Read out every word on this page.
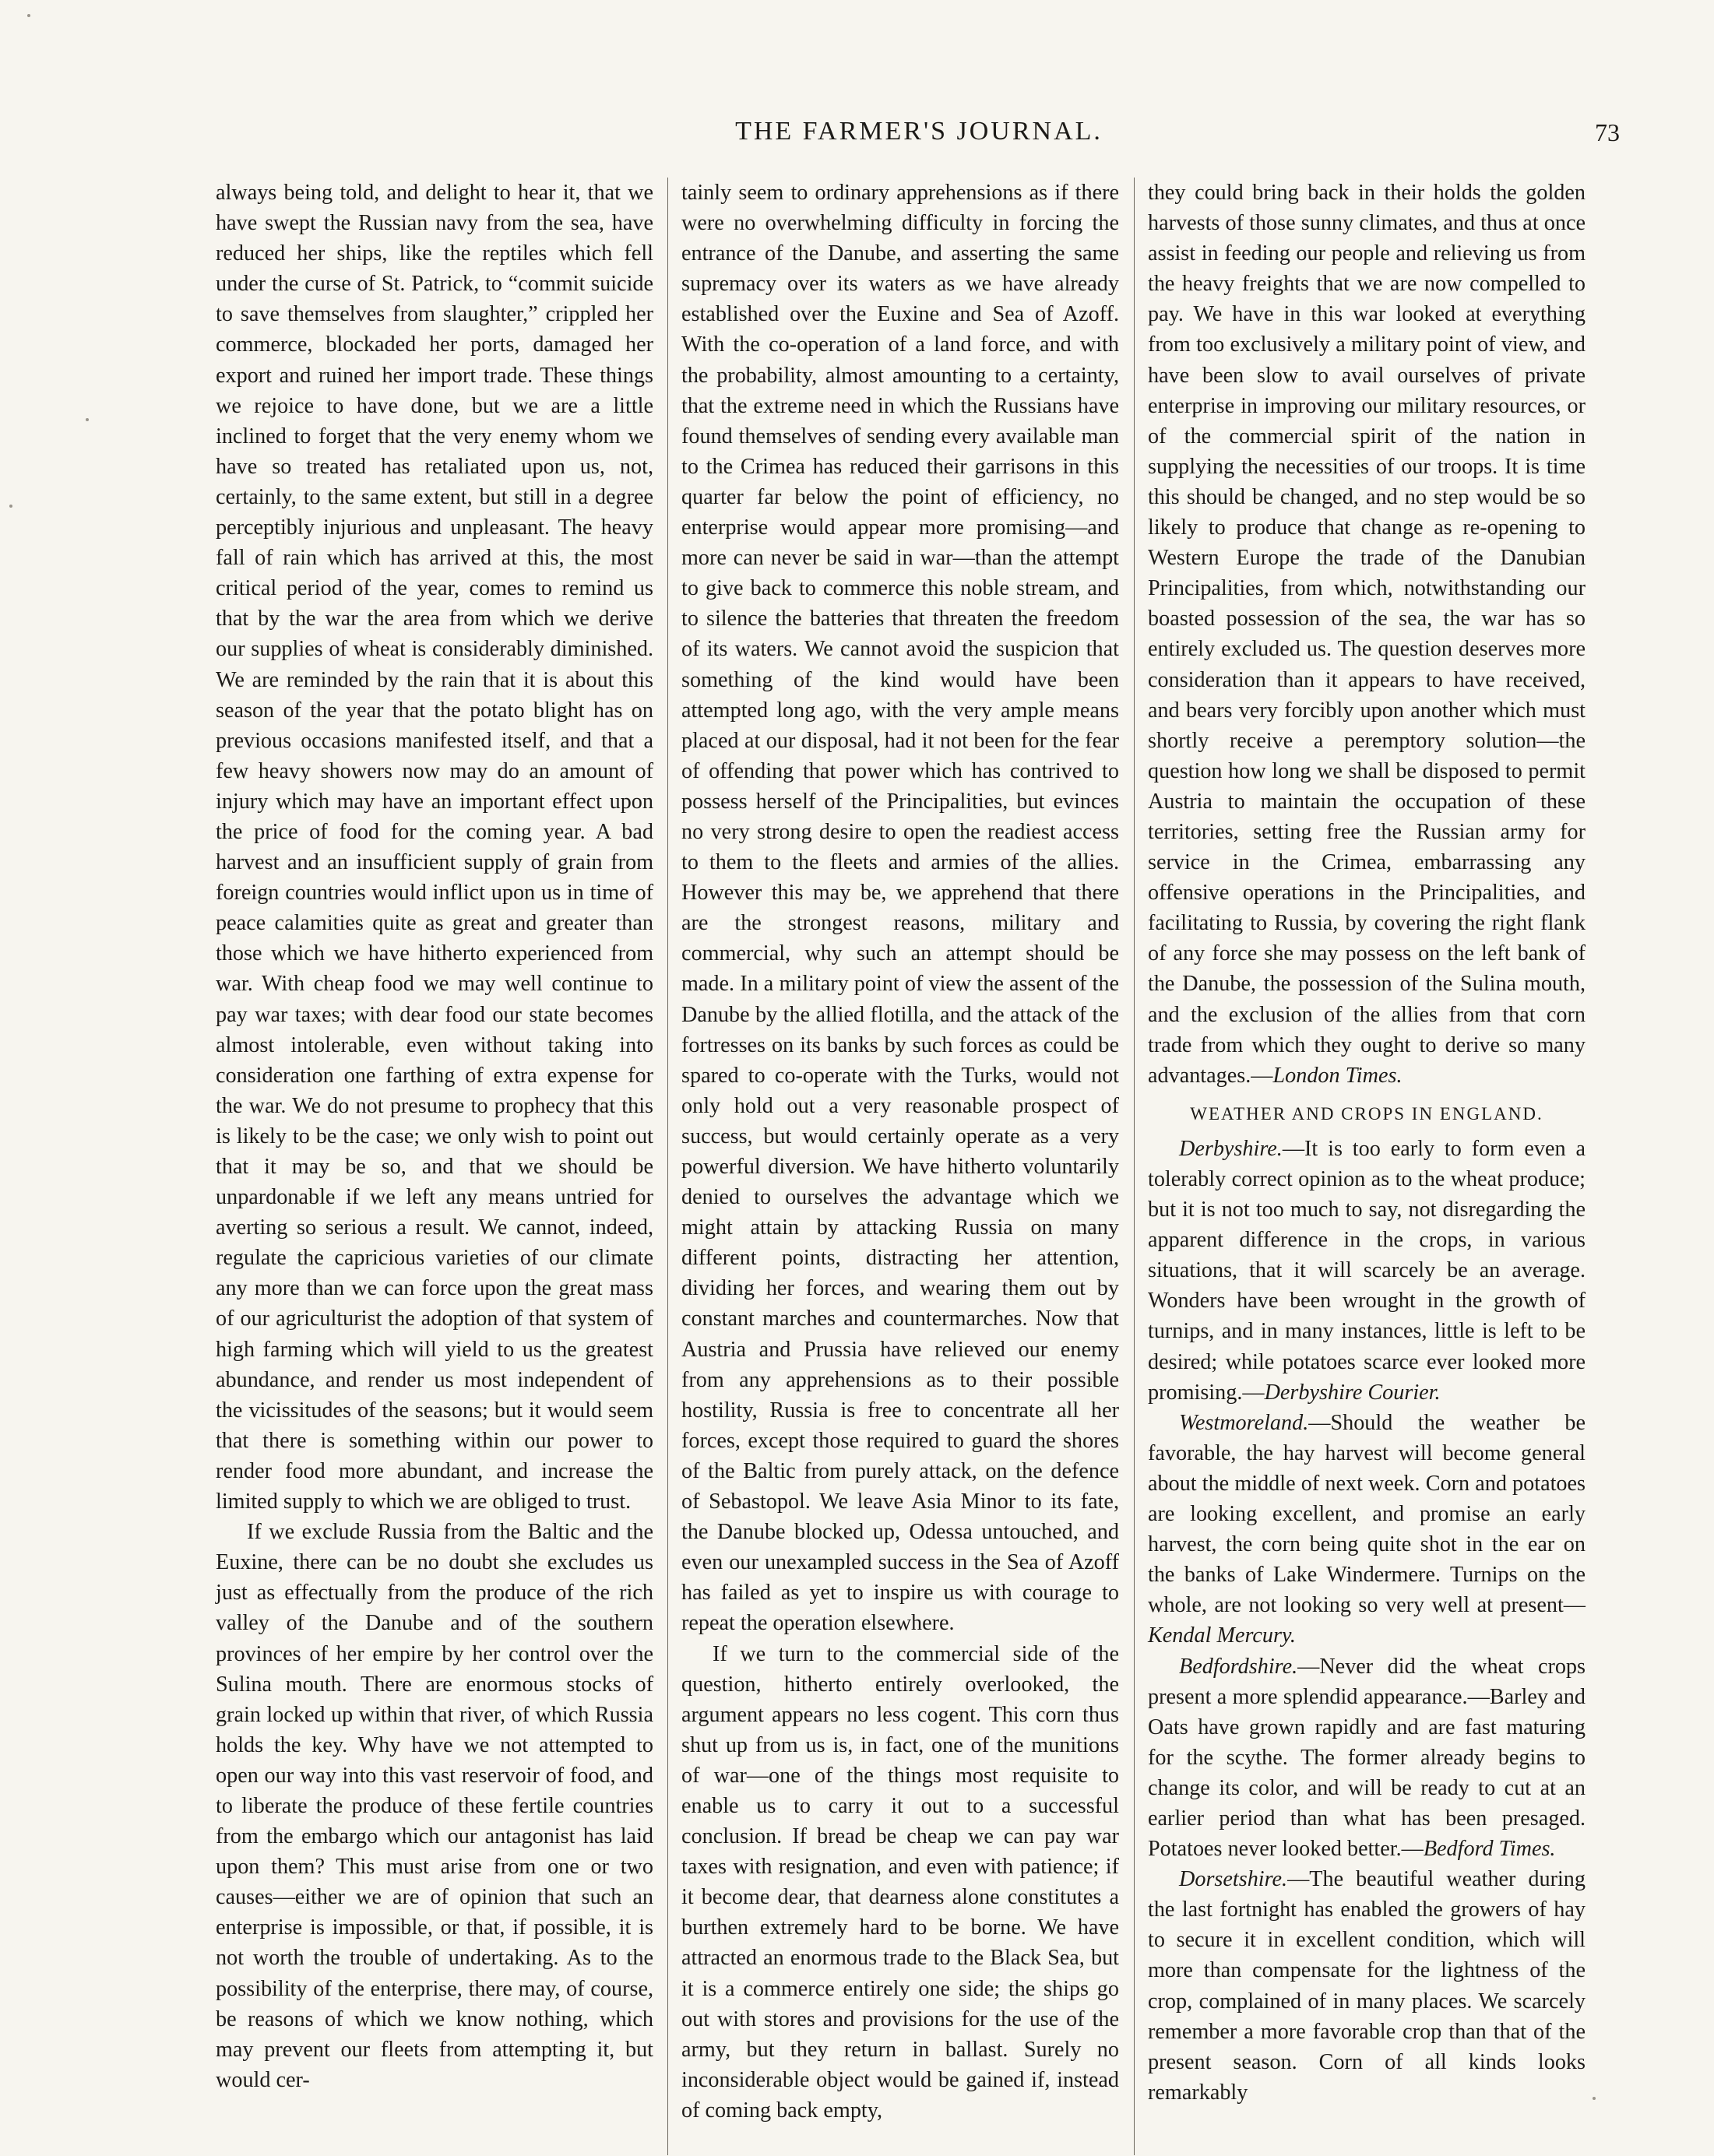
THE FARMER'S JOURNAL.	73

always being told, and delight to hear it, that we have swept the Russian navy from the sea, have reduced her ships, like the reptiles which fell under the curse of St. Patrick, to “commit suicide to save themselves from slaughter,” crippled her commerce, blockaded her ports, damaged her export and ruined her import trade. These things we rejoice to have done, but we are a little inclined to forget that the very enemy whom we have so treated has retaliated upon us, not, certainly, to the same extent, but still in a degree perceptibly injurious and unpleasant. The heavy fall of rain which has arrived at this, the most critical period of the year, comes to remind us that by the war the area from which we derive our supplies of wheat is considerably diminished. We are reminded by the rain that it is about this season of the year that the potato blight has on previous occasions manifested itself, and that a few heavy showers now may do an amount of injury which may have an important effect upon the price of food for the coming year. A bad harvest and an insufficient supply of grain from foreign countries would inflict upon us in time of peace calamities quite as great and greater than those which we have hitherto experienced from war. With cheap food we may well continue to pay war taxes; with dear food our state becomes almost intolerable, even without taking into consideration one farthing of extra expense for the war. We do not presume to prophecy that this is likely to be the case; we only wish to point out that it may be so, and that we should be unpardonable if we left any means untried for averting so serious a result. We cannot, indeed, regulate the capricious varieties of our climate any more than we can force upon the great mass of our agriculturist the adoption of that system of high farming which will yield to us the greatest abundance, and render us most independent of the vicissitudes of the seasons; but it would seem that there is something within our power to render food more abundant, and increase the limited supply to which we are obliged to trust.

If we exclude Russia from the Baltic and the Euxine, there can be no doubt she excludes us just as effectually from the produce of the rich valley of the Danube and of the southern provinces of her empire by her control over the Sulina mouth. There are enormous stocks of grain locked up within that river, of which Russia holds the key. Why have we not attempted to open our way into this vast reservoir of food, and to liberate the produce of these fertile countries from the embargo which our antagonist has laid upon them? This must arise from one or two causes—either we are of opinion that such an enterprise is impossible, or that, if possible, it is not worth the trouble of undertaking. As to the possibility of the enterprise, there may, of course, be reasons of which we know nothing, which may prevent our fleets from attempting it, but would cer-

tainly seem to ordinary apprehensions as if there were no overwhelming difficulty in forcing the entrance of the Danube, and asserting the same supremacy over its waters as we have already established over the Euxine and Sea of Azoff. With the co-operation of a land force, and with the probability, almost amounting to a certainty, that the extreme need in which the Russians have found themselves of sending every available man to the Crimea has reduced their garrisons in this quarter far below the point of efficiency, no enterprise would appear more promising—and more can never be said in war—than the attempt to give back to commerce this noble stream, and to silence the batteries that threaten the freedom of its waters. We cannot avoid the suspicion that something of the kind would have been attempted long ago, with the very ample means placed at our disposal, had it not been for the fear of offending that power which has contrived to possess herself of the Principalities, but evinces no very strong desire to open the readiest access to them to the fleets and armies of the allies. However this may be, we apprehend that there are the strongest reasons, military and commercial, why such an attempt should be made. In a military point of view the assent of the Danube by the allied flotilla, and the attack of the fortresses on its banks by such forces as could be spared to co-operate with the Turks, would not only hold out a very reasonable prospect of success, but would certainly operate as a very powerful diversion. We have hitherto voluntarily denied to ourselves the advantage which we might attain by attacking Russia on many different points, distracting her attention, dividing her forces, and wearing them out by constant marches and countermarches. Now that Austria and Prussia have relieved our enemy from any apprehensions as to their possible hostility, Russia is free to concentrate all her forces, except those required to guard the shores of the Baltic from purely attack, on the defence of Sebastopol. We leave Asia Minor to its fate, the Danube blocked up, Odessa untouched, and even our unexampled success in the Sea of Azoff has failed as yet to inspire us with courage to repeat the operation elsewhere.

If we turn to the commercial side of the question, hitherto entirely overlooked, the argument appears no less cogent. This corn thus shut up from us is, in fact, one of the munitions of war—one of the things most requisite to enable us to carry it out to a successful conclusion. If bread be cheap we can pay war taxes with resignation, and even with patience; if it become dear, that dearness alone constitutes a burthen extremely hard to be borne. We have attracted an enormous trade to the Black Sea, but it is a commerce entirely one side; the ships go out with stores and provisions for the use of the army, but they return in ballast. Surely no inconsiderable object would be gained if, instead of coming back empty,

they could bring back in their holds the golden harvests of those sunny climates, and thus at once assist in feeding our people and relieving us from the heavy freights that we are now compelled to pay. We have in this war looked at everything from too exclusively a military point of view, and have been slow to avail ourselves of private enterprise in improving our military resources, or of the commercial spirit of the nation in supplying the necessities of our troops. It is time this should be changed, and no step would be so likely to produce that change as re-opening to Western Europe the trade of the Danubian Principalities, from which, notwithstanding our boasted possession of the sea, the war has so entirely excluded us. The question deserves more consideration than it appears to have received, and bears very forcibly upon another which must shortly receive a peremptory solution—the question how long we shall be disposed to permit Austria to maintain the occupation of these territories, setting free the Russian army for service in the Crimea, embarrassing any offensive operations in the Principalities, and facilitating to Russia, by covering the right flank of any force she may possess on the left bank of the Danube, the possession of the Sulina mouth, and the exclusion of the allies from that corn trade from which they ought to derive so many advantages.—London Times.

WEATHER AND CROPS IN ENGLAND.

Derbyshire.—It is too early to form even a tolerably correct opinion as to the wheat produce; but it is not too much to say, not disregarding the apparent difference in the crops, in various situations, that it will scarcely be an average. Wonders have been wrought in the growth of turnips, and in many instances, little is left to be desired; while potatoes scarce ever looked more promising.—Derbyshire Courier.

Westmoreland.—Should the weather be favorable, the hay harvest will become general about the middle of next week. Corn and potatoes are looking excellent, and promise an early harvest, the corn being quite shot in the ear on the banks of Lake Windermere. Turnips on the whole, are not looking so very well at present—Kendal Mercury.

Bedfordshire.—Never did the wheat crops present a more splendid appearance.—Barley and Oats have grown rapidly and are fast maturing for the scythe. The former already begins to change its color, and will be ready to cut at an earlier period than what has been presaged. Potatoes never looked better.—Bedford Times.

Dorsetshire.—The beautiful weather during the last fortnight has enabled the growers of hay to secure it in excellent condition, which will more than compensate for the lightness of the crop, complained of in many places. We scarcely remember a more favorable crop than that of the present season. Corn of all kinds looks remarkably
